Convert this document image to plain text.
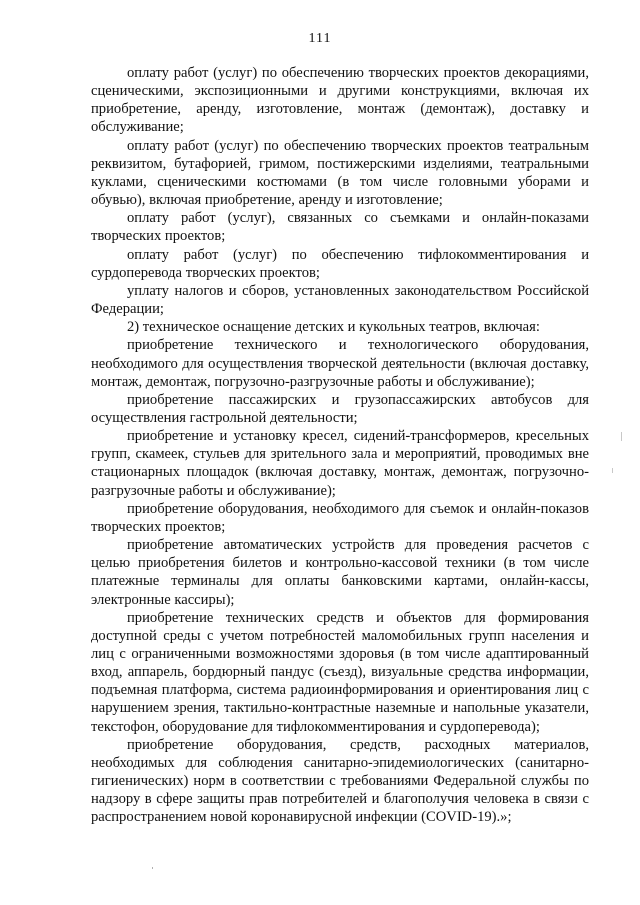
111

оплату работ (услуг) по обеспечению творческих проектов декорациями, сценическими, экспозиционными и другими конструкциями, включая их приобретение, аренду, изготовление, монтаж (демонтаж), доставку и обслуживание;

оплату работ (услуг) по обеспечению творческих проектов театральным реквизитом, бутафорией, гримом, постижерскими изделиями, театральными куклами, сценическими костюмами (в том числе головными уборами и обувью), включая приобретение, аренду и изготовление;

оплату работ (услуг), связанных со съемками и онлайн-показами творческих проектов;

оплату работ (услуг) по обеспечению тифлокомментирования и сурдоперевода творческих проектов;

уплату налогов и сборов, установленных законодательством Российской Федерации;

2) техническое оснащение детских и кукольных театров, включая:

приобретение технического и технологического оборудования, необходимого для осуществления творческой деятельности (включая доставку, монтаж, демонтаж, погрузочно-разгрузочные работы и обслуживание);

приобретение пассажирских и грузопассажирских автобусов для осуществления гастрольной деятельности;

приобретение и установку кресел, сидений-трансформеров, кресельных групп, скамеек, стульев для зрительного зала и мероприятий, проводимых вне стационарных площадок (включая доставку, монтаж, демонтаж, погрузочно-разгрузочные работы и обслуживание);

приобретение оборудования, необходимого для съемок и онлайн-показов творческих проектов;

приобретение автоматических устройств для проведения расчетов с целью приобретения билетов и контрольно-кассовой техники (в том числе платежные терминалы для оплаты банковскими картами, онлайн-кассы, электронные кассиры);

приобретение технических средств и объектов для формирования доступной среды с учетом потребностей маломобильных групп населения и лиц с ограниченными возможностями здоровья (в том числе адаптированный вход, аппарель, бордюрный пандус (съезд), визуальные средства информации, подъемная платформа, система радиоинформирования и ориентирования лиц с нарушением зрения, тактильно-контрастные наземные и напольные указатели, текстофон, оборудование для тифлокомментирования и сурдоперевода);

приобретение оборудования, средств, расходных материалов, необходимых для соблюдения санитарно-эпидемиологических (санитарно-гигиенических) норм в соответствии с требованиями Федеральной службы по надзору в сфере защиты прав потребителей и благополучия человека в связи с распространением новой коронавирусной инфекции (COVID-19).»;
